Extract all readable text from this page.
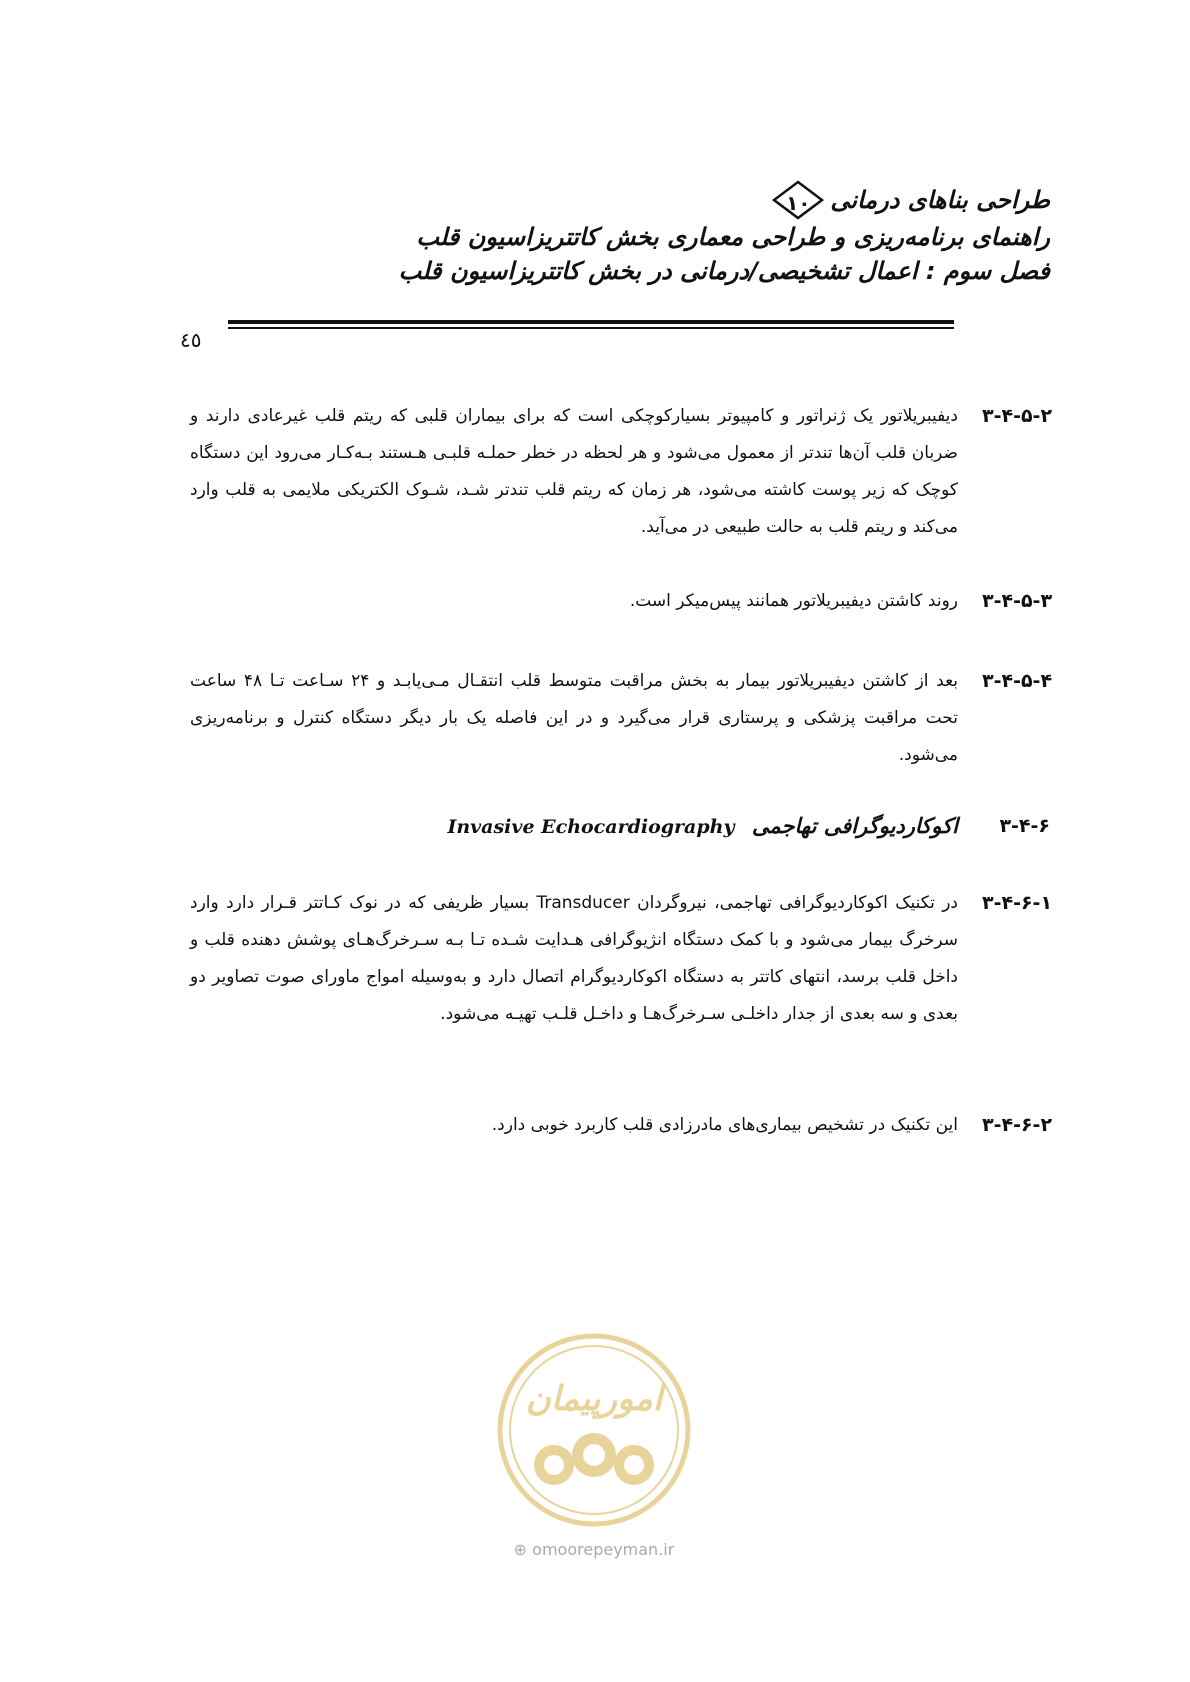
طراحی بناهای درمانی
۱۰
راهنمای برنامه‌ریزی و طراحی معماری بخش کاتتریزاسیون قلب
فصل سوم : اعمال تشخیصی/درمانی در بخش کاتتریزاسیون قلب
٤٥
۳-۴-۵-۲
دیفیبریلاتور یک ژنراتور و کامپیوتر بسیارکوچکی است که برای بیماران قلبی که ریتم قلب غیرعادی دارند و ضربان قلب آن‌ها تندتر از معمول می‌شود و هر لحظه در خطر حملـه قلبـی هـستند بـه‌کـار می‌رود این دستگاه کوچک که زیر پوست کاشته می‌شود، هر زمان که ریتم قلب تندتر شـد، شـوک الکتریکی ملایمی به قلب وارد می‌کند و ریتم قلب به حالت طبیعی در می‌آید.
۳-۴-۵-۳
روند کاشتن دیفیبریلاتور همانند پیس‌میکر است.
۳-۴-۵-۴
بعد از کاشتن دیفیبریلاتور بیمار به بخش مراقبت متوسط قلب انتقـال مـی‌یابـد و ۲۴ سـاعت تـا ۴۸ ساعت تحت مراقبت پزشکی و پرستاری قرار می‌گیرد و در این فاصله یک بار دیگر دستگاه کنترل و برنامه‌ریزی می‌شود.
۳-۴-۶
اکوکاردیوگرافی تهاجمی Invasive Echocardiography
۳-۴-۶-۱
در تکنیک اکوکاردیوگرافی تهاجمی، نیروگردان Transducer بسیار ظریفی که در نوک کـاتتر قـرار دارد وارد سرخرگ بیمار می‌شود و با کمک دستگاه انژیوگرافی هـدایت شـده تـا بـه سـرخرگ‌هـای پوشش دهنده قلب و داخل قلب برسد، انتهای کاتتر به دستگاه اکوکاردیوگرام اتصال دارد و به‌وسیله امواج ماورای صوت تصاویر دو بعدی و سه بعدی از جدار داخلـی سـرخرگ‌هـا و داخـل قلـب تهیـه می‌شود.
۳-۴-۶-۲
این تکنیک در تشخیص بیماری‌های مادرزادی قلب کاربرد خوبی دارد.
امورپیمان
⊕ omoorepeyman.ir
